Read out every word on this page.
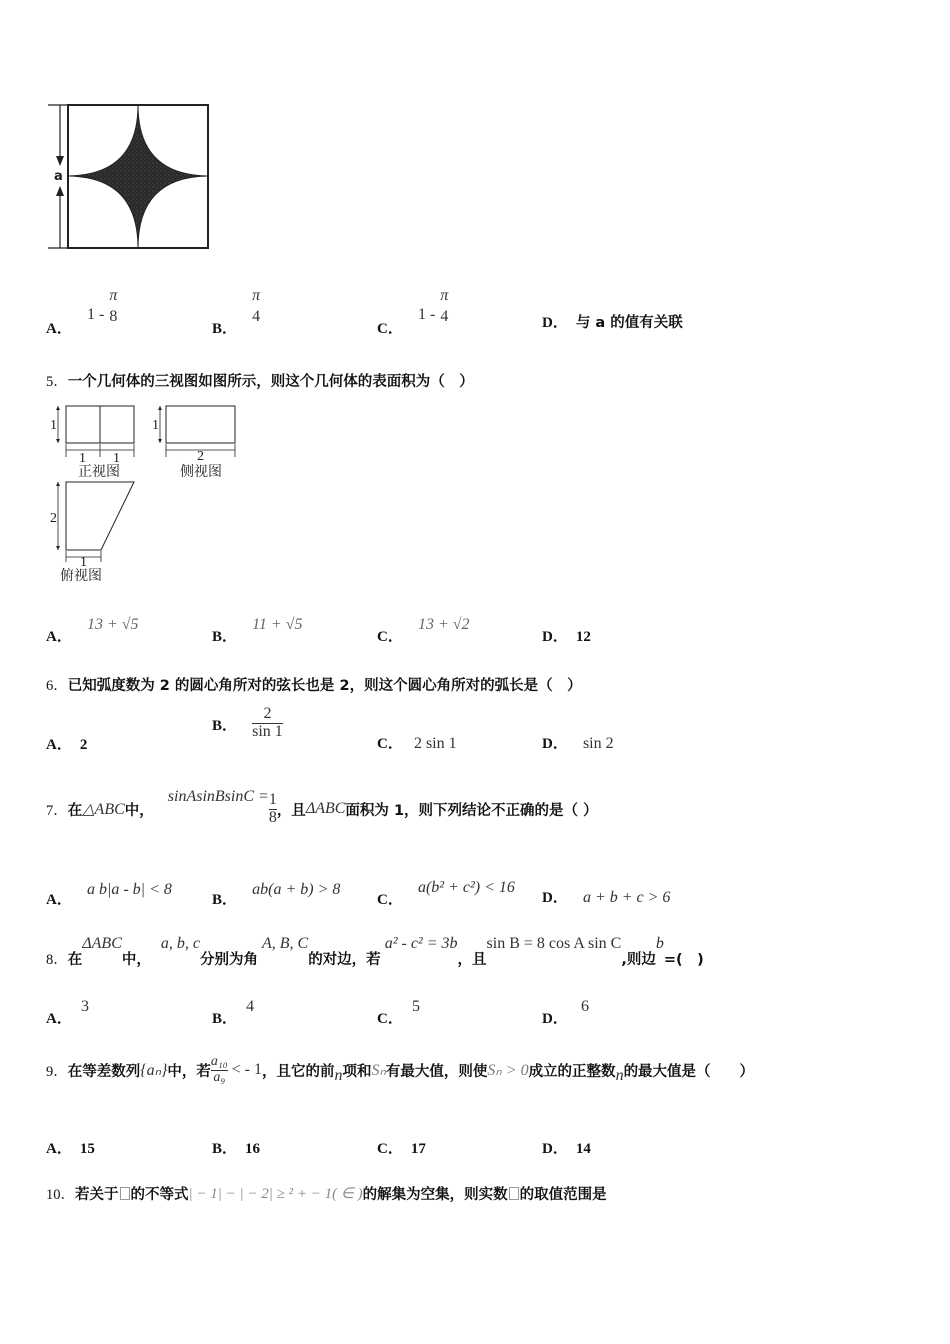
a
A． 1 -
π
8
B．
π
4
C． 1 -
π
4	D． 与 a 的值有关联
5．一个几何体的三视图如图所示，则这个几何体的表面积为（　）
1
1 1
正视图
1
2
侧视图
2
1
俯视图
A． 13 + √5
B． 11 + √5
C． 13 + √2
D． 12
6．已知弧度数为 2 的圆心角所对的弦长也是 2，则这个圆心角所对的弧长是（　）
A． 2
B． $\frac{2}{\sin 1}$
C． 2 sin 1	D． sin 2
7． 在 △ABC 中，
sinAsinBsinC = $\frac{1}{8}$ ，且 ΔABC 面积为 1，则下列结论不正确的是（ ）
A． a b|a - b| < 8
B． ab(a + b) > 8
C． a(b² + c²) < 16
D． a + b + c > 6
8． 在
ΔABC
中，
a, b, c
分别为角
A, B, C
的对边，若
a² - c² = 3b
，且
sin B = 8 cos A sin C
,则边
b
=(　)
A． 3
B． 4
C． 5
D． 6
9． 在等差数列 {aₙ} 中，若 $\frac{\text{a₁₀}}{\text{a₉}}$ < - 1 ，且它的前 n 项和 Sₙ 有最大值，则使 Sₙ > 0 成立的正整数 n 的最大值是（　　）
A． 15	B． 16	C． 17	D． 14
10． 若关于 的不等式 | − 1| − | − 2| ≥ ² + − 1( ∈ ) 的解集为空集，则实数 的取值范围是
